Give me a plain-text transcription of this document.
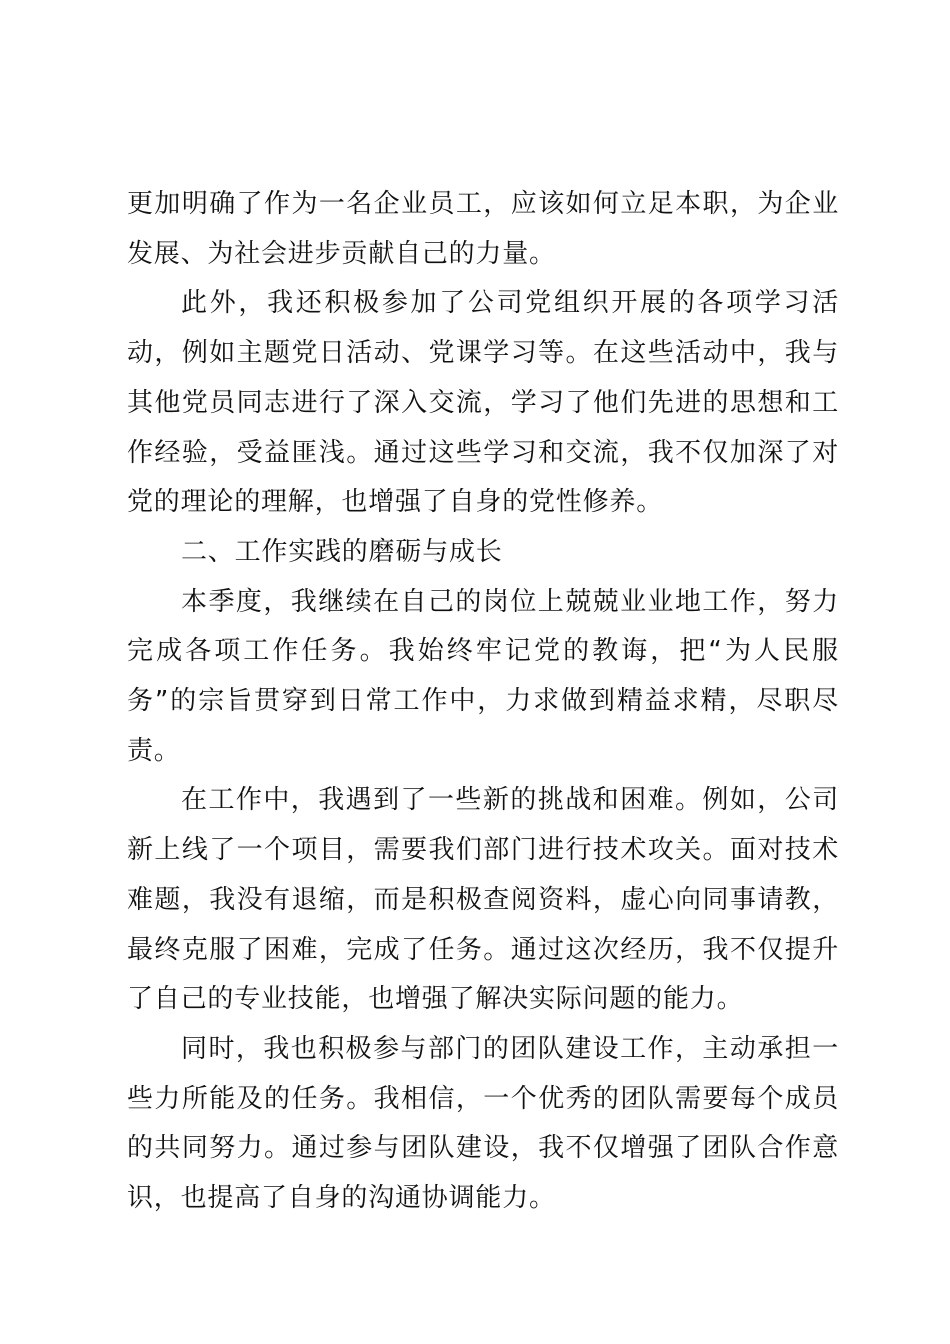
更加明确了作为一名企业员工，应该如何立足本职，为企业发展、为社会进步贡献自己的力量。

此外，我还积极参加了公司党组织开展的各项学习活动，例如主题党日活动、党课学习等。在这些活动中，我与其他党员同志进行了深入交流，学习了他们先进的思想和工作经验，受益匪浅。通过这些学习和交流，我不仅加深了对党的理论的理解，也增强了自身的党性修养。

二、工作实践的磨砺与成长

本季度，我继续在自己的岗位上兢兢业业地工作，努力完成各项工作任务。我始终牢记党的教诲，把“为人民服务”的宗旨贯穿到日常工作中，力求做到精益求精，尽职尽责。

在工作中，我遇到了一些新的挑战和困难。例如，公司新上线了一个项目，需要我们部门进行技术攻关。面对技术难题，我没有退缩，而是积极查阅资料，虚心向同事请教，最终克服了困难，完成了任务。通过这次经历，我不仅提升了自己的专业技能，也增强了解决实际问题的能力。

同时，我也积极参与部门的团队建设工作，主动承担一些力所能及的任务。我相信，一个优秀的团队需要每个成员的共同努力。通过参与团队建设，我不仅增强了团队合作意识，也提高了自身的沟通协调能力。
